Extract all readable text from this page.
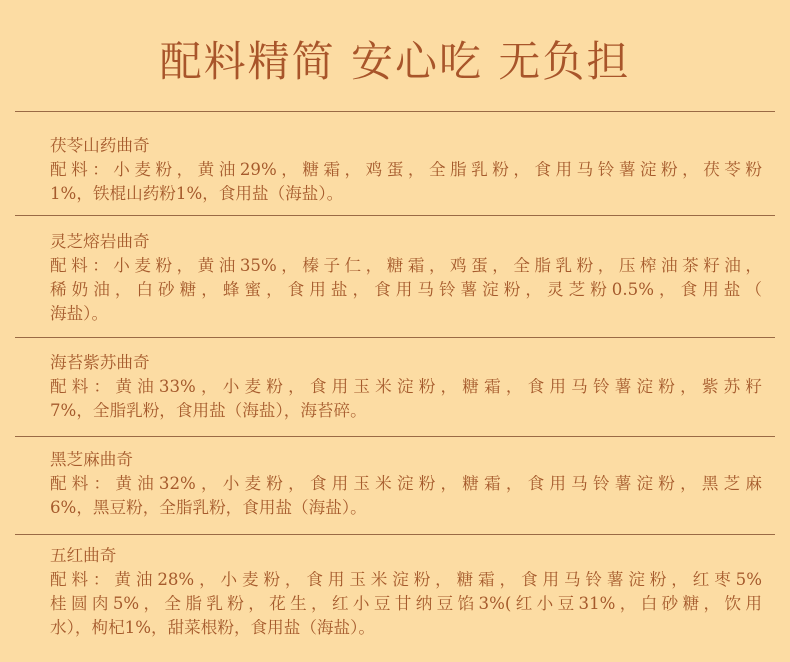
配料精简 安心吃 无负担
茯苓山药曲奇
配料：小麦粉，黄油29%，糖霜，鸡蛋，全脂乳粉，食用马铃薯淀粉，茯苓粉
1%，铁棍山药粉1%，食用盐（海盐）。
灵芝熔岩曲奇
配料：小麦粉，黄油35%，榛子仁，糖霜，鸡蛋，全脂乳粉，压榨油茶籽油，
稀奶油，白砂糖，蜂蜜，食用盐，食用马铃薯淀粉，灵芝粉0.5%，食用盐（
海盐）。
海苔紫苏曲奇
配料：黄油33%，小麦粉，食用玉米淀粉，糖霜，食用马铃薯淀粉，紫苏籽
7%，全脂乳粉，食用盐（海盐），海苔碎。
黑芝麻曲奇
配料：黄油32%，小麦粉，食用玉米淀粉，糖霜，食用马铃薯淀粉，黑芝麻
6%，黑豆粉，全脂乳粉，食用盐（海盐）。
五红曲奇
配料：黄油28%，小麦粉，食用玉米淀粉，糖霜，食用马铃薯淀粉，红枣5%
桂圆肉5%，全脂乳粉，花生，红小豆甘纳豆馅3%(红小豆31%，白砂糖，饮用
水），枸杞1%，甜菜根粉，食用盐（海盐）。
